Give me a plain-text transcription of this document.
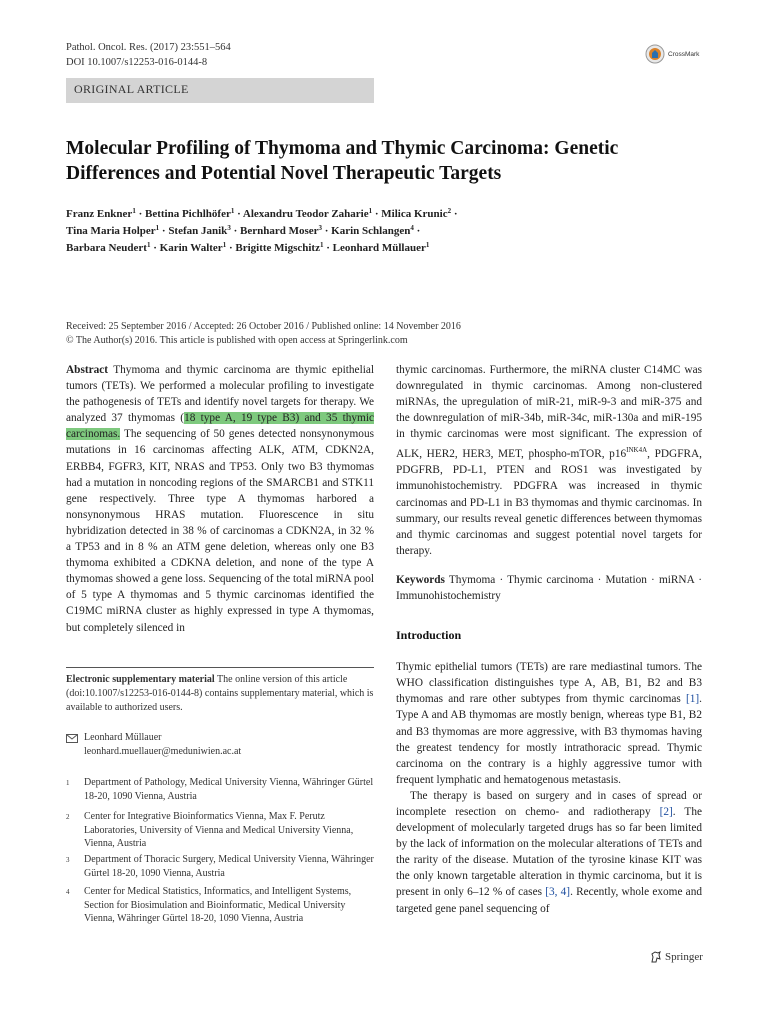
Pathol. Oncol. Res. (2017) 23:551–564
DOI 10.1007/s12253-016-0144-8
CrossMark
ORIGINAL ARTICLE
Molecular Profiling of Thymoma and Thymic Carcinoma: Genetic Differences and Potential Novel Therapeutic Targets
Franz Enkner$^1$ · Bettina Pichlhöfer$^1$ · Alexandru Teodor Zaharie$^1$ · Milica Krunic$^2$ ·
Tina Maria Holper$^1$ · Stefan Janik$^3$ · Bernhard Moser$^3$ · Karin Schlangen$^4$ ·
Barbara Neudert$^1$ · Karin Walter$^1$ · Brigitte Migschitz$^1$ · Leonhard Müllauer$^1$
Received: 25 September 2016 / Accepted: 26 October 2016 / Published online: 14 November 2016
© The Author(s) 2016. This article is published with open access at Springerlink.com

Abstract Thymoma and thymic carcinoma are thymic epithelial tumors (TETs). We performed a molecular profiling to investigate the pathogenesis of TETs and identify novel targets for therapy. We analyzed 37 thymomas (18 type A, 19 type B3) and 35 thymic carcinomas. The sequencing of 50 genes detected nonsynonymous mutations in 16 carcinomas affecting ALK, ATM, CDKN2A, ERBB4, FGFR3, KIT, NRAS and TP53. Only two B3 thymomas had a mutation in noncoding regions of the SMARCB1 and STK11 gene respectively. Three type A thymomas harbored a nonsynonymous HRAS mutation. Fluorescence in situ hybridization detected in 38 % of carcinomas a CDKN2A, in 32 % a TP53 and in 8 % an ATM gene deletion, whereas only one B3 thymoma exhibited a CDKNA deletion, and none of the type A thymomas showed a gene loss. Sequencing of the total miRNA pool of 5 type A thymomas and 5 thymic carcinomas identified the C19MC miRNA cluster as highly expressed in type A thymomas, but completely silenced in

Electronic supplementary material The online version of this article (doi:10.1007/s12253-016-0144-8) contains supplementary material, which is available to authorized users.
Leonhard Müllauer
leonhard.muellauer@meduniwien.ac.at
1	Department of Pathology, Medical University Vienna, Währinger Gürtel 18-20, 1090 Vienna, Austria
2	Center for Integrative Bioinformatics Vienna, Max F. Perutz Laboratories, University of Vienna and Medical University Vienna, Vienna, Austria
3	Department of Thoracic Surgery, Medical University Vienna, Währinger Gürtel 18-20, 1090 Vienna, Austria
4	Center for Medical Statistics, Informatics, and Intelligent Systems, Section for Biosimulation and Bioinformatic, Medical University Vienna, Währinger Gürtel 18-20, 1090 Vienna, Austria

thymic carcinomas. Furthermore, the miRNA cluster C14MC was downregulated in thymic carcinomas. Among non-clustered miRNAs, the upregulation of miR-21, miR-9-3 and miR-375 and the downregulation of miR-34b, miR-34c, miR-130a and miR-195 in thymic carcinomas were most significant. The expression of ALK, HER2, HER3, MET, phospho-mTOR, $p16^{INK4A}$, PDGFRA, PDGFRB, PD-L1, PTEN and ROS1 was investigated by immunohistochemistry. PDGFRA was increased in thymic carcinomas and PD-L1 in B3 thymomas and thymic carcinomas. In summary, our results reveal genetic differences between thymomas and thymic carcinomas and suggest potential novel targets for therapy.

Keywords Thymoma · Thymic carcinoma · Mutation · miRNA · Immunohistochemistry

Introduction

Thymic epithelial tumors (TETs) are rare mediastinal tumors. The WHO classification distinguishes type A, AB, B1, B2 and B3 thymomas and rare other subtypes from thymic carcinomas [1]. Type A and AB thymomas are mostly benign, whereas type B1, B2 and B3 thymomas are more aggressive, with B3 thymomas having the greatest tendency for mostly intrathoracic spread. Thymic carcinoma on the contrary is a highly aggressive tumor with frequent lymphatic and hematogenous metastasis.

The therapy is based on surgery and in cases of spread or incomplete resection on chemo- and radiotherapy [2]. The development of molecularly targeted drugs has so far been limited by the lack of information on the molecular alterations of TETs and the rarity of the disease. Mutation of the tyrosine kinase KIT was the only known targetable alteration in thymic carcinoma, but it is present in only 6–12 % of cases [3, 4]. Recently, whole exome and targeted gene panel sequencing of

Springer
